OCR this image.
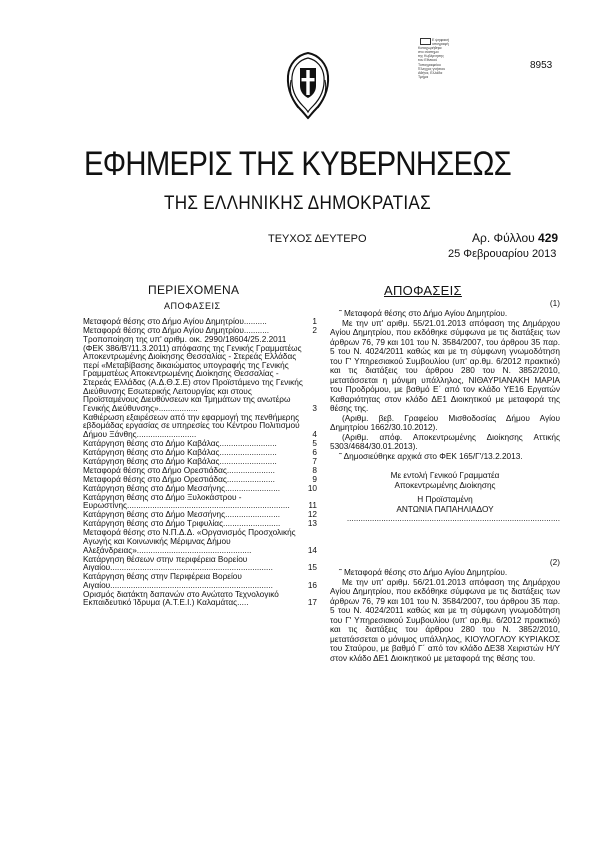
Ε ψηφιακή
υπογραφή
Καταχωρήθηκε
στο σύστημα
της Κυβέρνησης
του Εθνικού
Τυπογραφείου
Έλεγχος γνήσιου
Αθήνα, Ελλάδα
Τμήμα
8953
ΕΦΗΜΕΡΙΣ ΤΗΣ ΚΥΒΕΡΝΗΣΕΩΣ
ΤΗΣ ΕΛΛΗΝΙΚΗΣ ΔΗΜΟΚΡΑΤΙΑΣ
ΤΕΥΧΟΣ ΔΕΥΤΕΡΟ	Αρ. Φύλλου 429
25 Φεβρουαρίου 2013
ΠΕΡΙΕΧΟΜΕΝΑ
ΑΠΟΦΑΣΕΙΣ
ΑΠΟΦΑΣΕΙΣ
Μεταφορά θέσης στο Δήμο Αγίου Δημητρίου..........	1
Μεταφορά θέσης στο Δήμο Αγίου Δημητρίου...........	2
Τροποποίηση της υπ' αριθμ. οικ. 2990/18604/25.2.2011 (ΦΕΚ 386/Β'/11.3.2011) απόφασης της Γενικής Γραμματέως Αποκεντρωμένης Διοίκησης Θεσσαλίας - Στερεάς Ελλάδας περί «Μεταβίβασης δικαιώματος υπογραφής της Γενικής Γραμματέως Αποκεντρωμένης Διοίκησης Θεσσαλίας - Στερεάς Ελλάδας (Α.Δ.Θ.Σ.Ε) στον Προϊστάμενο της Γενικής Διεύθυνσης Εσωτερικής Λειτουργίας και στους Προϊσταμένους Διευθύνσεων και Τμημάτων της ανωτέρω Γενικής Διεύθυνσης».................	3
Καθιέρωση εξαιρέσεων από την εφαρμογή της πενθήμερης εβδομάδας εργασίας σε υπηρεσίες του Κέντρου Πολιτισμού Δήμου Ξάνθης..........................	4
Κατάργηση θέσης στο Δήμο Καβάλας.........................	5
Κατάργηση θέσης στο Δήμο Καβάλας.........................	6
Κατάργηση θέσης στο Δήμο Καβάλας.........................	7
Μεταφορά θέσης στο Δήμο Ορεστιάδας.....................	8
Μεταφορά θέσης στο Δήμο Ορεστιάδας.....................	9
Κατάργηση θέσης στο Δήμο Μεσσήνης........................	10
Κατάργηση θέσης στο Δήμο Ξυλοκάστρου - Ευρωστίνης.......................................................................	11
Κατάργηση θέσης στο Δήμο Μεσσήνης........................	12
Κατάργηση θέσης στο Δήμο Τριφυλίας.........................	13
Μεταφορά θέσης στο Ν.Π.Δ.Δ. «Οργανισμός Προσχολικής Αγωγής και Κοινωνικής Μέριμνας Δήμου Αλεξάνδρειας»..................................................	14
Κατάργηση θέσεων στην περιφέρεια Βορείου Αιγαίου.......................................................................	15
Κατάργηση θέσης στην Περιφέρεια Βορείου Αιγαίου.......................................................................	16
Ορισμός διατάκτη δαπανών στο Ανώτατο Τεχνολογικό Εκπαιδευτικό Ίδρυμα (Α.Τ.Ε.Ι.) Καλαμάτας.....	17
(1)
˜ Μεταφορά θέσης στο Δήμο Αγίου Δημητρίου.
Με την υπ' αριθμ. 55/21.01.2013 απόφαση της Δημάρχου Αγίου Δημητρίου, που εκδόθηκε σύμφωνα με τις διατάξεις των άρθρων 76, 79 και 101 του Ν. 3584/2007, του άρθρου 35 παρ. 5 του Ν. 4024/2011 καθώς και με τη σύμφωνη γνωμοδότηση του Γ' Υπηρεσιακού Συμβουλίου (υπ' αρ.θμ. 6/2012 πρακτικό) και τις διατάξεις του άρθρου 280 του Ν. 3852/2010, μετατάσσεται η μόνιμη υπάλληλος, ΝΙΘΑΥΡΙΑΝΑΚΗ ΜΑΡΙΑ του Προδρόμου, με βαθμό Ε΄ από τον κλάδο ΥΕ16 Εργατών Καθαριότητας στον κλάδο ΔΕ1 Διοικητικού με μεταφορά της θέσης της.
(Αριθμ. βεβ. Γραφείου Μισθοδοσίας Δήμου Αγίου Δημητρίου 1662/30.10.2012).
(Αριθμ. απόφ. Αποκεντρωμένης Διοίκησης Αττικής 5303/4684/30.01.2013).
˜ Δημοσιεύθηκε αρχικά στο ΦΕΚ 165/Γ'/13.2.2013.
Με εντολή Γενικού Γραμματέα
Αποκεντρωμένης Διοίκησης
Η Προϊσταμένη
ΑΝΤΩΝΙΑ ΠΑΠΑΗΛΙΑΔΟΥ
.............................................................................................
(2)
˜ Μεταφορά θέσης στο Δήμο Αγίου Δημητρίου.
Με την υπ' αριθμ. 56/21.01.2013 απόφαση της Δημάρχου Αγίου Δημητρίου, που εκδόθηκε σύμφωνα με τις διατάξεις των άρθρων 76, 79 και 101 του Ν. 3584/2007, του άρθρου 35 παρ. 5 του Ν. 4024/2011 καθώς και με τη σύμφωνη γνωμοδότηση του Γ' Υπηρεσιακού Συμβουλίου (υπ' αρ.θμ. 6/2012 πρακτικό) και τις διατάξεις του άρθρου 280 του Ν. 3852/2010, μετατάσσεται ο μόνιμος υπάλληλος, ΚΙΟΥΛΟΓΛΟΥ ΚΥΡΙΑΚΟΣ του Σταύρου, με βαθμό Γ΄ από τον κλάδο ΔΕ38 Χειριστών Η/Υ στον κλάδο ΔΕ1 Διοικητικού με μεταφορά της θέσης του.
